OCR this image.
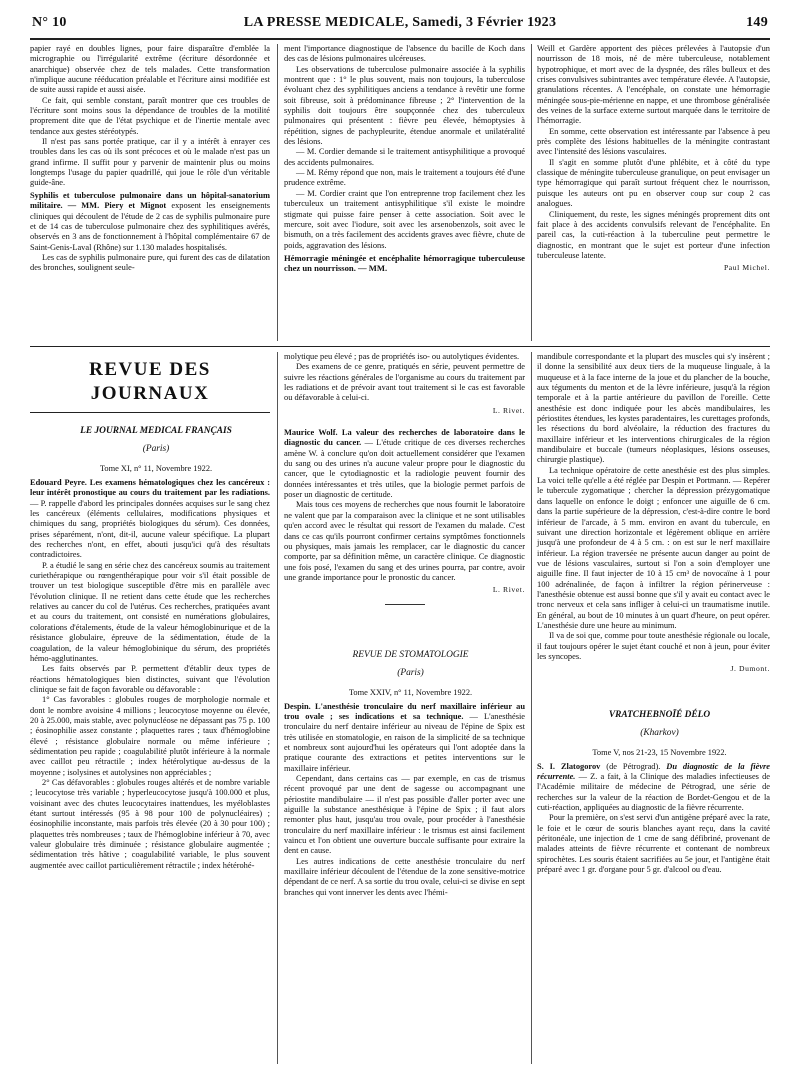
N° 10	LA PRESSE MEDICALE, Samedi, 3 Février 1923	149

papier rayé en doubles lignes, pour faire disparaître d'emblée la micrographie ou l'irrégularité extrême (écriture désordonnée et anarchique) observée chez de tels malades. Cette transformation n'implique aucune rééducation préalable et l'écriture ainsi modifiée est de suite aussi rapide et aussi aisée.

Ce fait, qui semble constant, paraît montrer que ces troubles de l'écriture sont moins sous la dépendance de troubles de la motilité proprement dite que de l'état psychique et de l'inertie mentale avec tendance aux gestes stéréotypés.

Il n'est pas sans portée pratique, car il y a intérêt à enrayer ces troubles dans les cas où ils sont précoces et où le malade n'est pas un grand infirme. Il suffit pour y parvenir de maintenir plus ou moins longtemps l'usage du papier quadrillé, qui joue le rôle d'un véritable guide-âne.

Syphilis et tuberculose pulmonaire dans un hôpital-sanatorium militaire. — MM. Piery et Mignot exposent les enseignements cliniques qui découlent de l'étude de 2 cas de syphilis pulmonaire pure et de 14 cas de tuberculose pulmonaire chez des syphilitiques avérés, observés en 3 ans de fonctionnement à l'hôpital complémentaire 67 de Saint-Genis-Laval (Rhône) sur 1.130 malades hospitalisés.

Les cas de syphilis pulmonaire pure, qui furent des cas de dilatation des bronches, soulignent seule-

ment l'importance diagnostique de l'absence du bacille de Koch dans des cas de lésions pulmonaires ulcéreuses.

Les observations de tuberculose pulmonaire associée à la syphilis montrent que : 1° le plus souvent, mais non toujours, la tuberculose évoluant chez des syphilitiques anciens a tendance à revêtir une forme soit fibreuse, soit à prédominance fibreuse ; 2° l'intervention de la syphilis doit toujours être soupçonnée chez des tuberculeux pulmonaires qui présentent : fièvre peu élevée, hémoptysies à répétition, signes de pachypleurite, étendue anormale et unilatéralité des lésions.

— M. Cordier demande si le traitement antisyphilitique a provoqué des accidents pulmonaires.

— M. Rémy répond que non, mais le traitement a toujours été d'une prudence extrême.

— M. Cordier craint que l'on entreprenne trop facilement chez les tuberculeux un traitement antisyphilitique s'il existe le moindre stigmate qui puisse faire penser à cette association. Soit avec le mercure, soit avec l'iodure, soit avec les arsenobenzols, soit avec le bismuth, on a très facilement des accidents graves avec fièvre, chute de poids, aggravation des lésions.

Hémorragie méningée et encéphalite hémorragique tuberculeuse chez un nourrisson. — MM.

Weill et Gardère apportent des pièces prélevées à l'autopsie d'un nourrisson de 18 mois, né de mère tuberculeuse, notablement hypotrophique, et mort avec de la dyspnée, des râles bulleux et des crises convulsives subintrantes avec température élevée. A l'autopsie, granulations récentes. A l'encéphale, on constate une hémorragie méningée sous-pie-mérienne en nappe, et une thrombose généralisée des veines de la surface externe surtout marquée dans le territoire de l'hémorragie.

En somme, cette observation est intéressante par l'absence à peu près complète des lésions habituelles de la méningite contrastant avec l'intensité des lésions vasculaires.

Il s'agit en somme plutôt d'une phlébite, et à côté du type classique de méningite tuberculeuse granulique, on peut envisager un type hémorragique qui paraît surtout fréquent chez le nourrisson, puisque les auteurs ont pu en observer coup sur coup 2 cas analogues.

Cliniquement, du reste, les signes méningés proprement dits ont fait place à des accidents convulsifs relevant de l'encéphalite. En pareil cas, la cuti-réaction à la tuberculine peut permettre le diagnostic, en montrant que le sujet est porteur d'une infection tuberculeuse latente.

Paul Michel.
REVUE DES JOURNAUX

LE JOURNAL MEDICAL FRANÇAIS

(Paris)

Tome XI, n° 11, Novembre 1922.

Edouard Peyre. Les examens hématologiques chez les cancéreux : leur intérêt pronostique au cours du traitement par les radiations. — P. rappelle d'abord les principales données acquises sur le sang chez les cancéreux (éléments cellulaires, modifications physiques et chimiques du sang, propriétés biologiques du sérum). Ces données, prises séparément, n'ont, dit-il, aucune valeur spécifique. La plupart des recherches n'ont, en effet, abouti jusqu'ici qu'à des résultats contradictoires.

P. a étudié le sang en série chez des cancéreux soumis au traitement curiethérapique ou rœngenthérapique pour voir s'il était possible de trouver un test biologique susceptible d'être mis en parallèle avec l'évolution clinique. Il ne retient dans cette étude que les recherches relatives au cancer du col de l'utérus. Ces recherches, pratiquées avant et au cours du traitement, ont consisté en numérations globulaires, colorations d'étalements, étude de la valeur hémoglobinurique et de la résistance globulaire, épreuve de la sédimentation, étude de la coagulation, de la valeur hémoglobinique du sérum, des propriétés hémo-agglutinantes.

Les faits observés par P. permettent d'établir deux types de réactions hématologiques bien distinctes, suivant que l'évolution clinique se fait de façon favorable ou défavorable :

1° Cas favorables : globules rouges de morphologie normale et dont le nombre avoisine 4 millions ; leucocytose moyenne ou élevée, 20 à 25.000, mais stable, avec polynucléose ne dépassant pas 75 p. 100 ; éosinophilie assez constante ; plaquettes rares ; taux d'hémoglobine élevé ; résistance globulaire normale ou même inférieure ; sédimentation peu rapide ; coagulabilité plutôt inférieure à la normale avec caillot peu rétractile ; index hétérolytique au-dessus de la moyenne ; isolysines et autolysines non appréciables ;

2° Cas défavorables : globules rouges altérés et de nombre variable ; leucocytose très variable ; hyperleucocytose jusqu'à 100.000 et plus, voisinant avec des chutes leucocytaires inattendues, les myéloblastes étant surtout intéressés (95 à 98 pour 100 de polynucléaires) ; éosinophilie inconstante, mais parfois très élevée (20 à 30 pour 100) ; plaquettes très nombreuses ; taux de l'hémoglobine inférieur à 70, avec valeur globulaire très diminuée ; résistance globulaire augmentée ; sédimentation très hâtive ; coagulabilité variable, le plus souvent augmentée avec caillot particulièrement rétractile ; index hétérohé-

molytique peu élevé ; pas de propriétés iso- ou autolytiques évidentes.

Des examens de ce genre, pratiqués en série, peuvent permettre de suivre les réactions générales de l'organisme au cours du traitement par les radiations et de prévoir avant tout traitement si le cas est favorable ou défavorable à celui-ci.

L. Rivet.

Maurice Wolf. La valeur des recherches de laboratoire dans le diagnostic du cancer. — L'étude critique de ces diverses recherches amène W. à conclure qu'on doit actuellement considérer que l'examen du sang ou des urines n'a aucune valeur propre pour le diagnostic du cancer, que le cytodiagnostic et la radiologie peuvent fournir des données intéressantes et très utiles, que la biologie permet parfois de poser un diagnostic de certitude.

Mais tous ces moyens de recherches que nous fournit le laboratoire ne valent que par la comparaison avec la clinique et ne sont utilisables qu'en accord avec le résultat qui ressort de l'examen du malade. C'est dans ce cas qu'ils pourront confirmer certains symptômes fonctionnels ou physiques, mais jamais les remplacer, car le diagnostic du cancer comporte, par sa définition même, un caractère clinique. Ce diagnostic une fois posé, l'examen du sang et des urines pourra, par contre, avoir une grande importance pour le pronostic du cancer.

L. Rivet.

REVUE DE STOMATOLOGIE

(Paris)

Tome XXIV, n° 11, Novembre 1922.

Despin. L'anesthésie tronculaire du nerf maxillaire inférieur au trou ovale ; ses indications et sa technique. — L'anesthésie tronculaire du nerf dentaire inférieur au niveau de l'épine de Spix est très utilisée en stomatologie, en raison de la simplicité de sa technique et nombreux sont aujourd'hui les opérateurs qui l'ont adoptée dans la pratique courante des extractions et petites interventions sur le maxillaire inférieur.

Cependant, dans certains cas — par exemple, en cas de trismus récent provoqué par une dent de sagesse ou accompagnant une périostite mandibulaire — il n'est pas possible d'aller porter avec une aiguille la substance anesthésique à l'épine de Spix ; il faut alors remonter plus haut, jusqu'au trou ovale, pour procéder à l'anesthésie tronculaire du nerf maxillaire inférieur : le trismus est ainsi facilement vaincu et l'on obtient une ouverture buccale suffisante pour extraire la dent en cause.

Les autres indications de cette anesthésie tronculaire du nerf maxillaire inférieur découlent de l'étendue de la zone sensitive-motrice dépendant de ce nerf. A sa sortie du trou ovale, celui-ci se divise en sept branches qui vont innerver les dents avec l'hémi-

mandibule correspondante et la plupart des muscles qui s'y insèrent ; il donne la sensibilité aux deux tiers de la muqueuse linguale, à la muqueuse et à la face interne de la joue et du plancher de la bouche, aux téguments du menton et de la lèvre inférieure, jusqu'à la région temporale et à la partie antérieure du pavillon de l'oreille. Cette anesthésie est donc indiquée pour les abcès mandibulaires, les périostites étendues, les kystes paradentaires, les curettages profonds, les résections du bord alvéolaire, la réduction des fractures du maxillaire inférieur et les interventions chirurgicales de la région mandibulaire et buccale (tumeurs néoplasiques, lésions osseuses, chirurgie plastique).

La technique opératoire de cette anesthésie est des plus simples. La voici telle qu'elle a été réglée par Despin et Portmann. — Repérer le tubercule zygomatique ; chercher la dépression prézygomatique dans laquelle on enfonce le doigt ; enfoncer une aiguille de 6 cm. dans la partie supérieure de la dépression, c'est-à-dire contre le bord inférieur de l'arcade, à 5 mm. environ en avant du tubercule, en suivant une direction horizontale et légèrement oblique en arrière jusqu'à une profondeur de 4 à 5 cm. : on est sur le nerf maxillaire inférieur. La région traversée ne présente aucun danger au point de vue de lésions vasculaires, surtout si l'on a soin d'employer une aiguille fine. Il faut injecter de 10 à 15 cm³ de novocaïne à 1 pour 100 adrénalinée, de façon à infiltrer la région périnerveuse : l'anesthésie obtenue est aussi bonne que s'il y avait eu contact avec le tronc nerveux et cela sans infliger à celui-ci un traumatisme inutile. En général, au bout de 10 minutes à un quart d'heure, on peut opérer. L'anesthésie dure une heure au minimum.

Il va de soi que, comme pour toute anesthésie régionale ou locale, il faut toujours opérer le sujet étant couché et non à jeun, pour éviter les syncopes.

J. Dumont.

VRATCHEBNOÏÉ DÉLO

(Kharkov)

Tome V, nos 21-23, 15 Novembre 1922.

S. I. Zlatogorov (de Pétrograd). Du diagnostic de la fièvre récurrente. — Z. a fait, à la Clinique des maladies infectieuses de l'Académie militaire de médecine de Pétrograd, une série de recherches sur la valeur de la réaction de Bordet-Gengou et de la cuti-réaction, appliquées au diagnostic de la fièvre récurrente.

Pour la première, on s'est servi d'un antigène préparé avec la rate, le foie et le cœur de souris blanches ayant reçu, dans la cavité péritonéale, une injection de 1 cme de sang défibriné, provenant de malades atteints de fièvre récurrente et contenant de nombreux spirochètes. Les souris étaient sacrifiées au 5e jour, et l'antigène était préparé avec 1 gr. d'organe pour 5 gr. d'alcool ou d'eau.
